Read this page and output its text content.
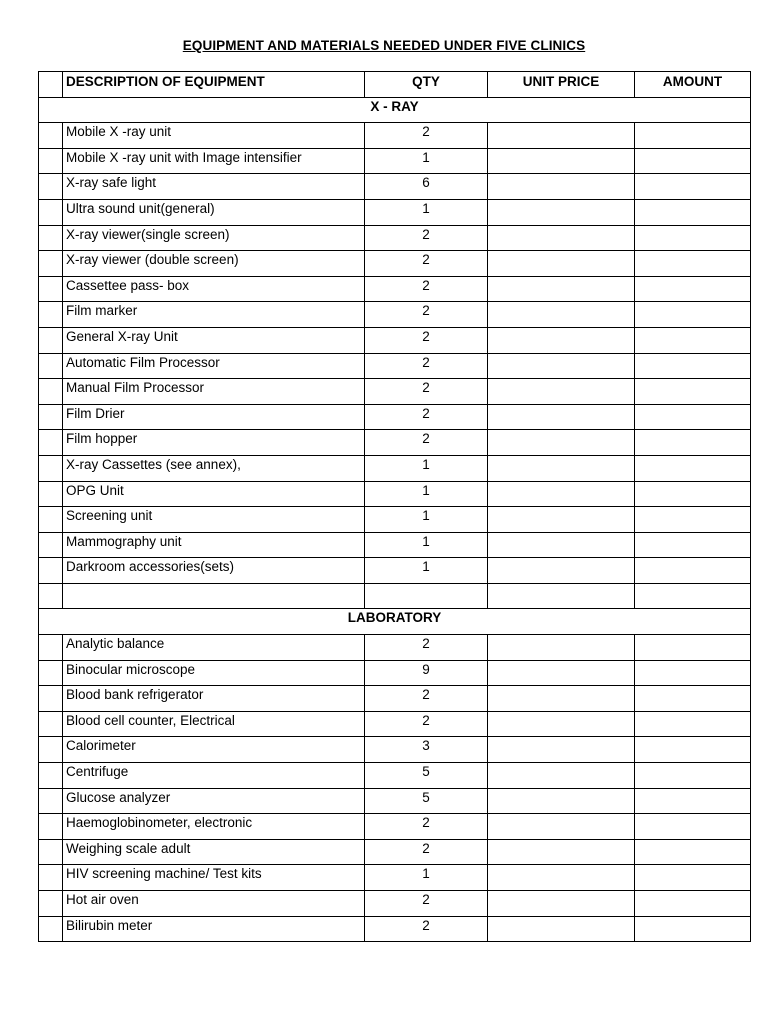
EQUIPMENT AND MATERIALS NEEDED UNDER FIVE CLINICS
	DESCRIPTION OF EQUIPMENT	QTY	UNIT PRICE	AMOUNT
X - RAY				
	Mobile X -ray unit	2		
	Mobile X -ray unit with Image intensifier	1		
	X-ray safe light	6		
	Ultra sound unit(general)	1		
	X-ray viewer(single screen)	2		
	X-ray viewer (double screen)	2		
	Cassettee pass- box	2		
	Film marker	2		
	General X-ray Unit	2		
	Automatic Film Processor	2		
	Manual Film Processor	2		
	Film Drier	2		
	Film hopper	2		
	X-ray Cassettes (see annex),	1		
	OPG Unit	1		
	Screening unit	1		
	Mammography unit	1		
	Darkroom accessories(sets)	1		

LABORATORY				
	Analytic balance	2		
	Binocular microscope	9		
	Blood bank refrigerator	2		
	Blood cell counter, Electrical	2		
	Calorimeter	3		
	Centrifuge	5		
	Glucose analyzer	5		
	Haemoglobinometer, electronic	2		
	Weighing scale adult	2		
	HIV screening machine/ Test kits	1		
	Hot air oven	2		
	Bilirubin meter	2		
